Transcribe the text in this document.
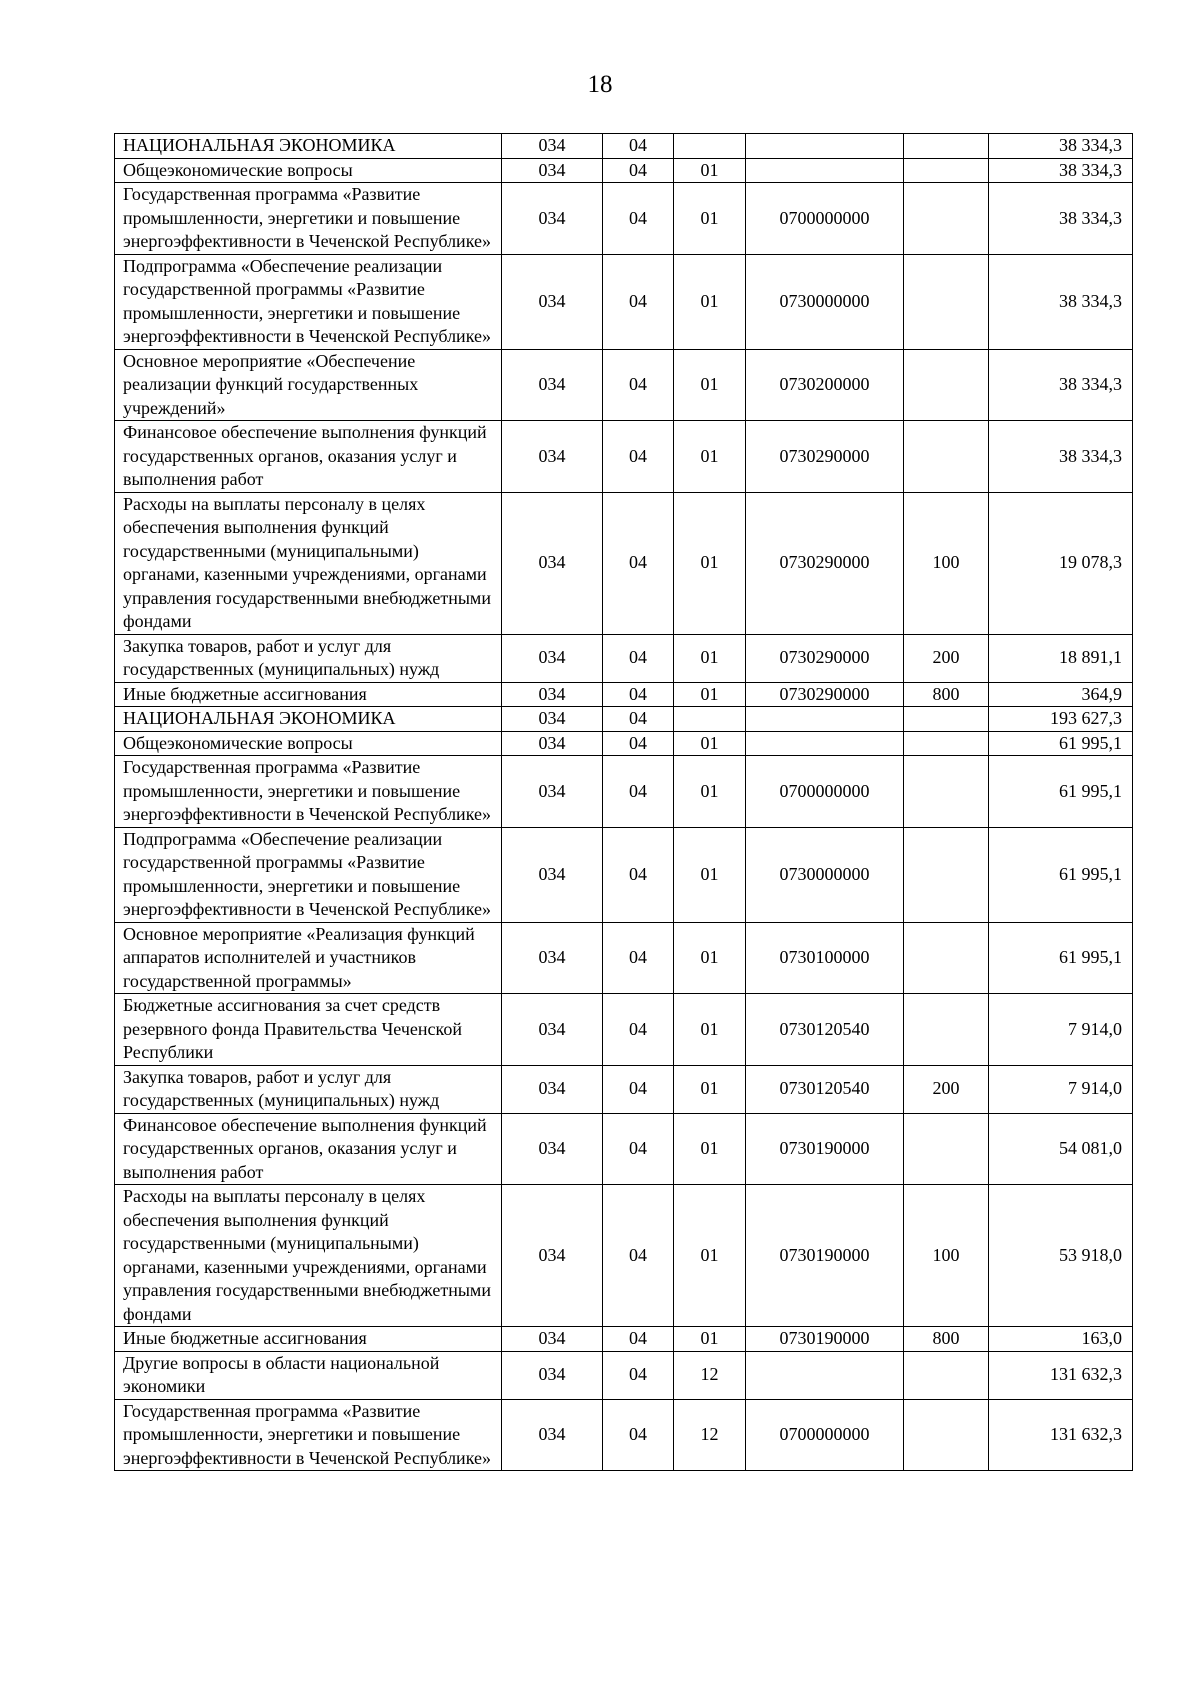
18
НАЦИОНАЛЬНАЯ ЭКОНОМИКА	034	04				38 334,3
Общеэкономические вопросы	034	04	01			38 334,3
Государственная программа «Развитие промышленности, энергетики и повышение энергоэффективности в Чеченской Республике»	034	04	01	0700000000		38 334,3
Подпрограмма «Обеспечение реализации государственной программы «Развитие промышленности, энергетики и повышение энергоэффективности в Чеченской Республике»	034	04	01	0730000000		38 334,3
Основное мероприятие «Обеспечение реализации функций государственных учреждений»	034	04	01	0730200000		38 334,3
Финансовое обеспечение выполнения функций государственных органов, оказания услуг и выполнения работ	034	04	01	0730290000		38 334,3
Расходы на выплаты персоналу в целях обеспечения выполнения функций государственными (муниципальными) органами, казенными учреждениями, органами управления государственными внебюджетными фондами	034	04	01	0730290000	100	19 078,3
Закупка товаров, работ и услуг для государственных (муниципальных) нужд	034	04	01	0730290000	200	18 891,1
Иные бюджетные ассигнования	034	04	01	0730290000	800	364,9
НАЦИОНАЛЬНАЯ ЭКОНОМИКА	034	04				193 627,3
Общеэкономические вопросы	034	04	01			61 995,1
Государственная программа «Развитие промышленности, энергетики и повышение энергоэффективности в Чеченской Республике»	034	04	01	0700000000		61 995,1
Подпрограмма «Обеспечение реализации государственной программы «Развитие промышленности, энергетики и повышение энергоэффективности в Чеченской Республике»	034	04	01	0730000000		61 995,1
Основное мероприятие «Реализация функций аппаратов исполнителей и участников государственной программы»	034	04	01	0730100000		61 995,1
Бюджетные ассигнования за счет средств резервного фонда Правительства Чеченской Республики	034	04	01	0730120540		7 914,0
Закупка товаров, работ и услуг для государственных (муниципальных) нужд	034	04	01	0730120540	200	7 914,0
Финансовое обеспечение выполнения функций государственных органов, оказания услуг и выполнения работ	034	04	01	0730190000		54 081,0
Расходы на выплаты персоналу в целях обеспечения выполнения функций государственными (муниципальными) органами, казенными учреждениями, органами управления государственными внебюджетными фондами	034	04	01	0730190000	100	53 918,0
Иные бюджетные ассигнования	034	04	01	0730190000	800	163,0
Другие вопросы в области национальной экономики	034	04	12			131 632,3
Государственная программа «Развитие промышленности, энергетики и повышение энергоэффективности в Чеченской Республике»	034	04	12	0700000000		131 632,3
